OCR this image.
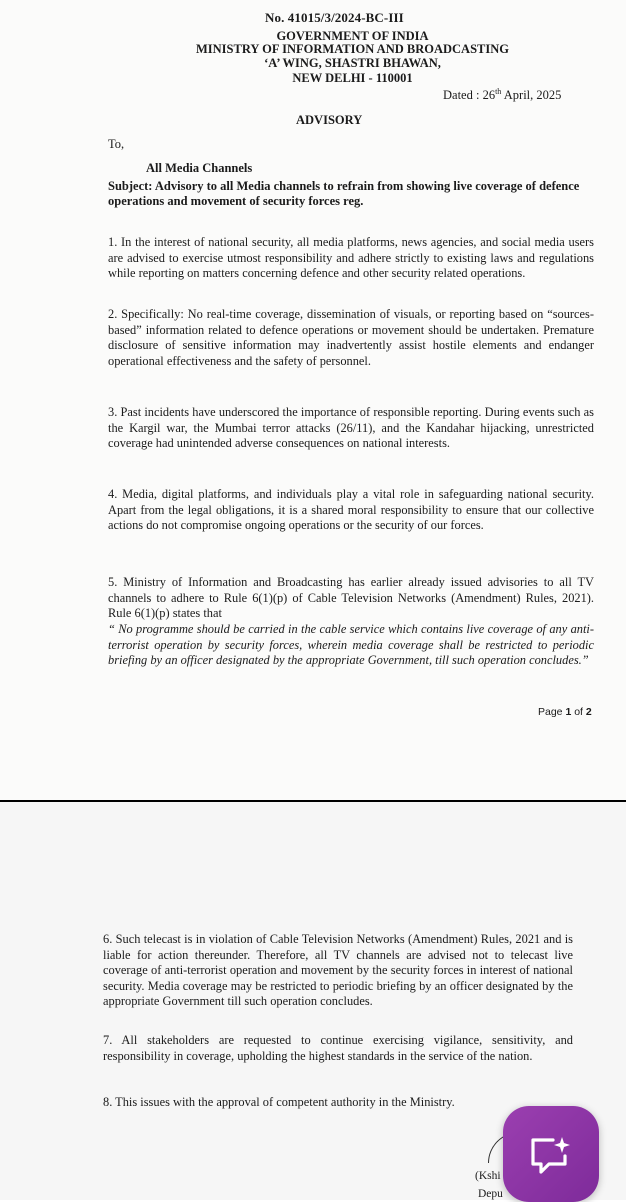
No. 41015/3/2024-BC-III

GOVERNMENT OF INDIA

MINISTRY OF INFORMATION AND BROADCASTING

‘A’ WING, SHASTRI BHAWAN,

NEW DELHI - 110001

Dated : 26th April, 2025

ADVISORY

To,

All Media Channels

Subject: Advisory to all Media channels to refrain from showing live coverage of defence operations and movement of security forces reg.

1. In the interest of national security, all media platforms, news agencies, and social media users are advised to exercise utmost responsibility and adhere strictly to existing laws and regulations while reporting on matters concerning defence and other security related operations.

2. Specifically: No real-time coverage, dissemination of visuals, or reporting based on “sources-based” information related to defence operations or movement should be undertaken. Premature disclosure of sensitive information may inadvertently assist hostile elements and endanger operational effectiveness and the safety of personnel.

3. Past incidents have underscored the importance of responsible reporting. During events such as the Kargil war, the Mumbai terror attacks (26/11), and the Kandahar hijacking, unrestricted coverage had unintended adverse consequences on national interests.

4. Media, digital platforms, and individuals play a vital role in safeguarding national security. Apart from the legal obligations, it is a shared moral responsibility to ensure that our collective actions do not compromise ongoing operations or the security of our forces.

5. Ministry of Information and Broadcasting has earlier already issued advisories to all TV channels to adhere to Rule 6(1)(p) of Cable Television Networks (Amendment) Rules, 2021). Rule 6(1)(p) states that

“ No programme should be carried in the cable service which contains live coverage of any anti-terrorist operation by security forces, wherein media coverage shall be restricted to periodic briefing by an officer designated by the appropriate Government, till such operation concludes.”

Page 1 of 2

6. Such telecast is in violation of Cable Television Networks (Amendment) Rules, 2021 and is liable for action thereunder. Therefore, all TV channels are advised not to telecast live coverage of anti-terrorist operation and movement by the security forces in interest of national security. Media coverage may be restricted to periodic briefing by an officer designated by the appropriate Government till such operation concludes.

7. All stakeholders are requested to continue exercising vigilance, sensitivity, and responsibility in coverage, upholding the highest standards in the service of the nation.

8. This issues with the approval of competent authority in the Ministry.

(Kshi

Depu
